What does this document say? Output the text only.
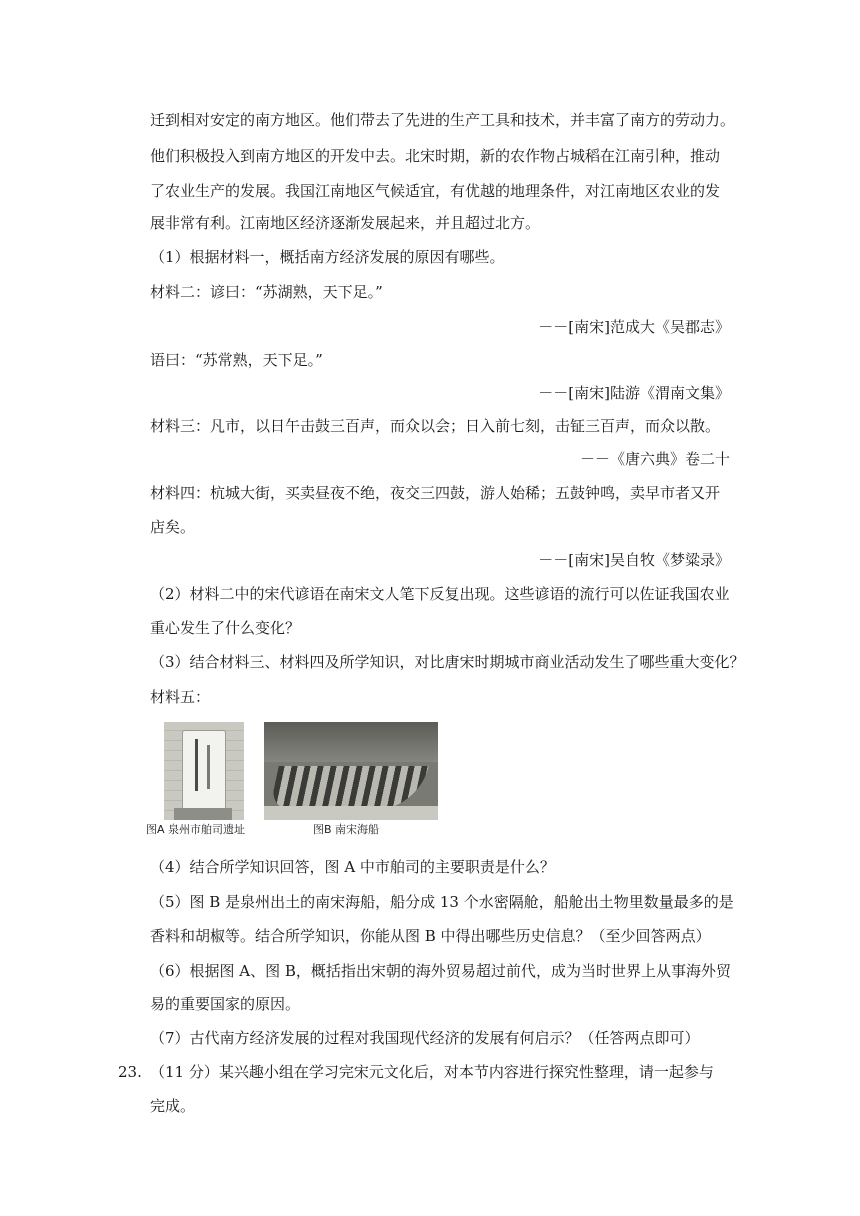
迁到相对安定的南方地区。他们带去了先进的生产工具和技术，并丰富了南方的劳动力。

他们积极投入到南方地区的开发中去。北宋时期，新的农作物占城稻在江南引种，推动

了农业生产的发展。我国江南地区气候适宜，有优越的地理条件，对江南地区农业的发

展非常有利。江南地区经济逐渐发展起来，并且超过北方。

（1）根据材料一，概括南方经济发展的原因有哪些。

材料二：谚曰：“苏湖熟，天下足。”

－－[南宋]范成大《吴郡志》

语曰：“苏常熟，天下足。”

－－[南宋]陆游《渭南文集》

材料三：凡市，以日午击鼓三百声，而众以会；日入前七刻，击钲三百声，而众以散。

－－《唐六典》卷二十

材料四：杭城大街，买卖昼夜不绝，夜交三四鼓，游人始稀；五鼓钟鸣，卖早市者又开

店矣。

－－[南宋]吴自牧《梦粱录》

（2）材料二中的宋代谚语在南宋文人笔下反复出现。这些谚语的流行可以佐证我国农业

重心发生了什么变化？

（3）结合材料三、材料四及所学知识，对比唐宋时期城市商业活动发生了哪些重大变化？

材料五：

图A 泉州市舶司遗址	图B 南宋海船

（4）结合所学知识回答，图 A 中市舶司的主要职责是什么？

（5）图 B 是泉州出土的南宋海船，船分成 13 个水密隔舱，船舱出土物里数量最多的是

香料和胡椒等。结合所学知识，你能从图 B 中得出哪些历史信息？（至少回答两点）

（6）根据图 A、图 B，概括指出宋朝的海外贸易超过前代，成为当时世界上从事海外贸

易的重要国家的原因。

（7）古代南方经济发展的过程对我国现代经济的发展有何启示？（任答两点即可）

23. （11 分）某兴趣小组在学习完宋元文化后，对本节内容进行探究性整理，请一起参与

完成。
